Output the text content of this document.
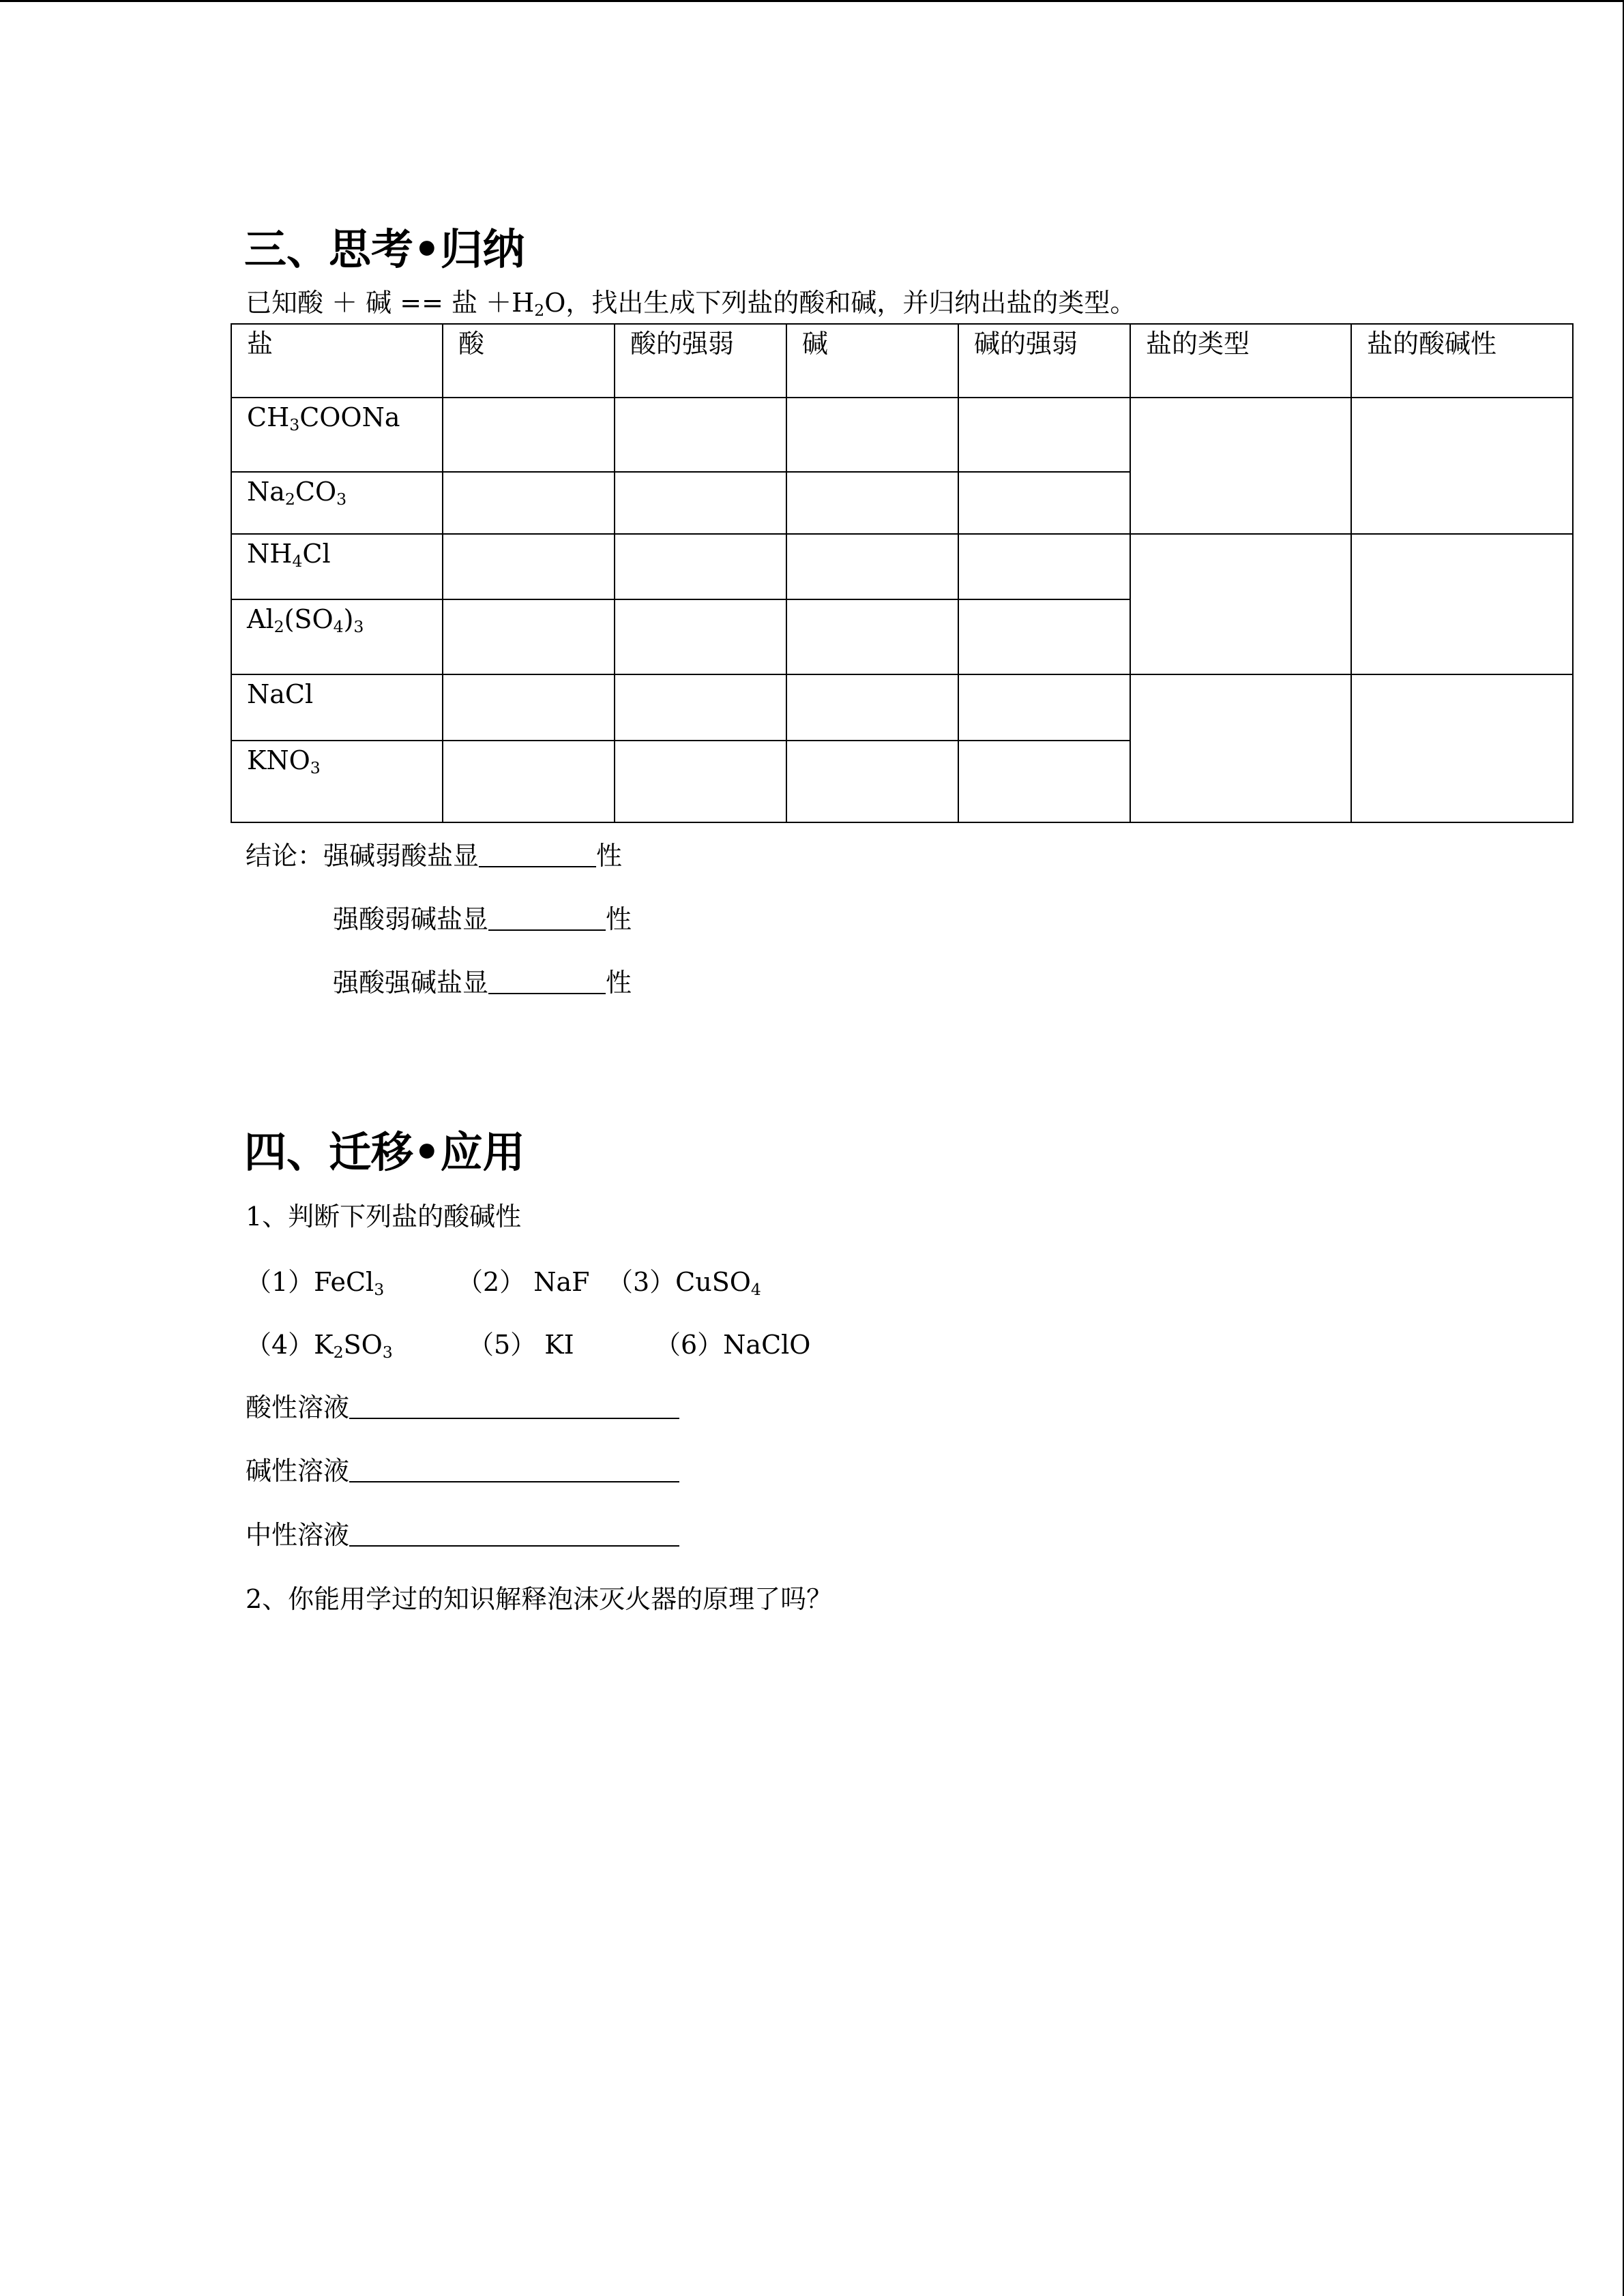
三、思考•归纳
已知酸 ＋ 碱 == 盐 $+H_2O$，找出生成下列盐的酸和碱，并归纳出盐的类型。
盐	酸	酸的强弱	碱	碱的强弱	盐的类型	盐的酸碱性
$CH_3COONa$						
$Na_2CO_3$				
$NH_4Cl$						
$Al_2(SO_4)_3$				
NaCl						
$KNO_3$				
结论：强碱弱酸盐显	性
强酸弱碱盐显	性
强酸强碱盐显	性
四、迁移•应用
1、判断下列盐的酸碱性
（1）FeCl$_3$	（2） NaF （3）CuSO$_4$
$(4)K_2SO_3$	（5） KI	（6）NaClO
酸性溶液
碱性溶液
中性溶液
2、你能用学过的知识解释泡沫灭火器的原理了吗？
